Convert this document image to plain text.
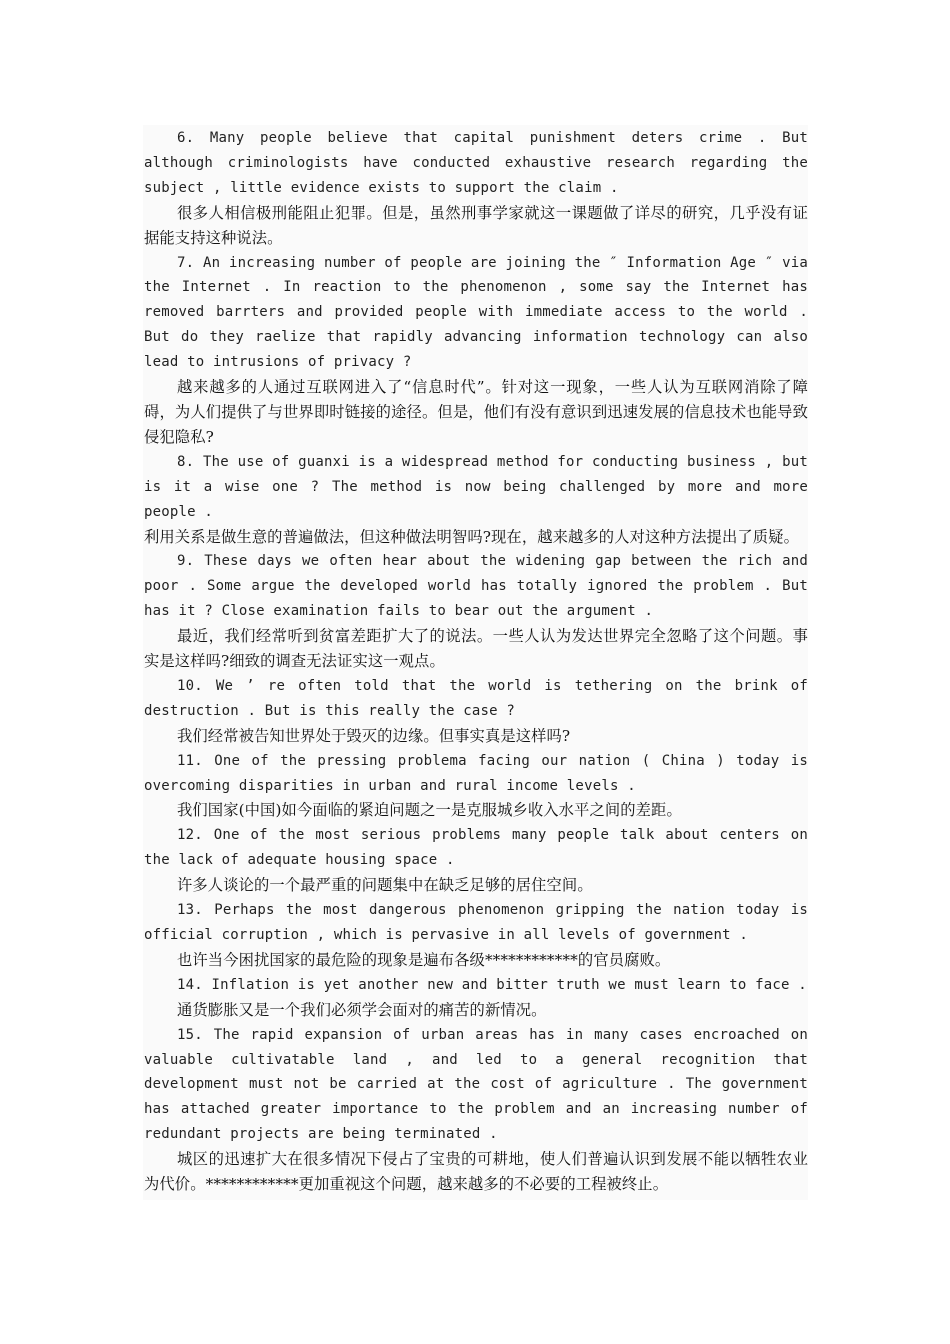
6. Many people believe that capital punishment deters crime . But although criminologists have conducted exhaustive research regarding the subject , little evidence exists to support the claim .

很多人相信极刑能阻止犯罪。但是，虽然刑事学家就这一课题做了详尽的研究，几乎没有证据能支持这种说法。

7. An increasing number of people are joining the ″ Information Age ″ via the Internet . In reaction to the phenomenon , some say the Internet has removed barrters and provided people with immediate access to the world . But do they raelize that rapidly advancing information technology can also lead to intrusions of privacy ?

越来越多的人通过互联网进入了“信息时代”。针对这一现象，一些人认为互联网消除了障碍，为人们提供了与世界即时链接的途径。但是，他们有没有意识到迅速发展的信息技术也能导致侵犯隐私?

8. The use of guanxi is a widespread method for conducting business , but is it a wise one ? The method is now being challenged by more and more people .

利用关系是做生意的普遍做法，但这种做法明智吗?现在，越来越多的人对这种方法提出了质疑。

9. These days we often hear about the widening gap between the rich and poor . Some argue the developed world has totally ignored the problem . But has it ? Close examination fails to bear out the argument .

最近，我们经常听到贫富差距扩大了的说法。一些人认为发达世界完全忽略了这个问题。事实是这样吗?细致的调查无法证实这一观点。

10. We ’ re often told that the world is tethering on the brink of destruction . But is this really the case ?

我们经常被告知世界处于毁灭的边缘。但事实真是这样吗?

11. One of the pressing problema facing our nation ( China ) today is overcoming disparities in urban and rural income levels .

我们国家(中国)如今面临的紧迫问题之一是克服城乡收入水平之间的差距。

12. One of the most serious problems many people talk about centers on the lack of adequate housing space .

许多人谈论的一个最严重的问题集中在缺乏足够的居住空间。

13. Perhaps the most dangerous phenomenon gripping the nation today is official corruption , which is pervasive in all levels of government .

也许当今困扰国家的最危险的现象是遍布各级************的官员腐败。

14. Inflation is yet another new and bitter truth we must learn to face .

通货膨胀又是一个我们必须学会面对的痛苦的新情况。

15. The rapid expansion of urban areas has in many cases encroached on valuable cultivatable land , and led to a general recognition that development must not be carried at the cost of agriculture . The government has attached greater importance to the problem and an increasing number of redundant projects are being terminated .

城区的迅速扩大在很多情况下侵占了宝贵的可耕地，使人们普遍认识到发展不能以牺牲农业为代价。************更加重视这个问题，越来越多的不必要的工程被终止。
